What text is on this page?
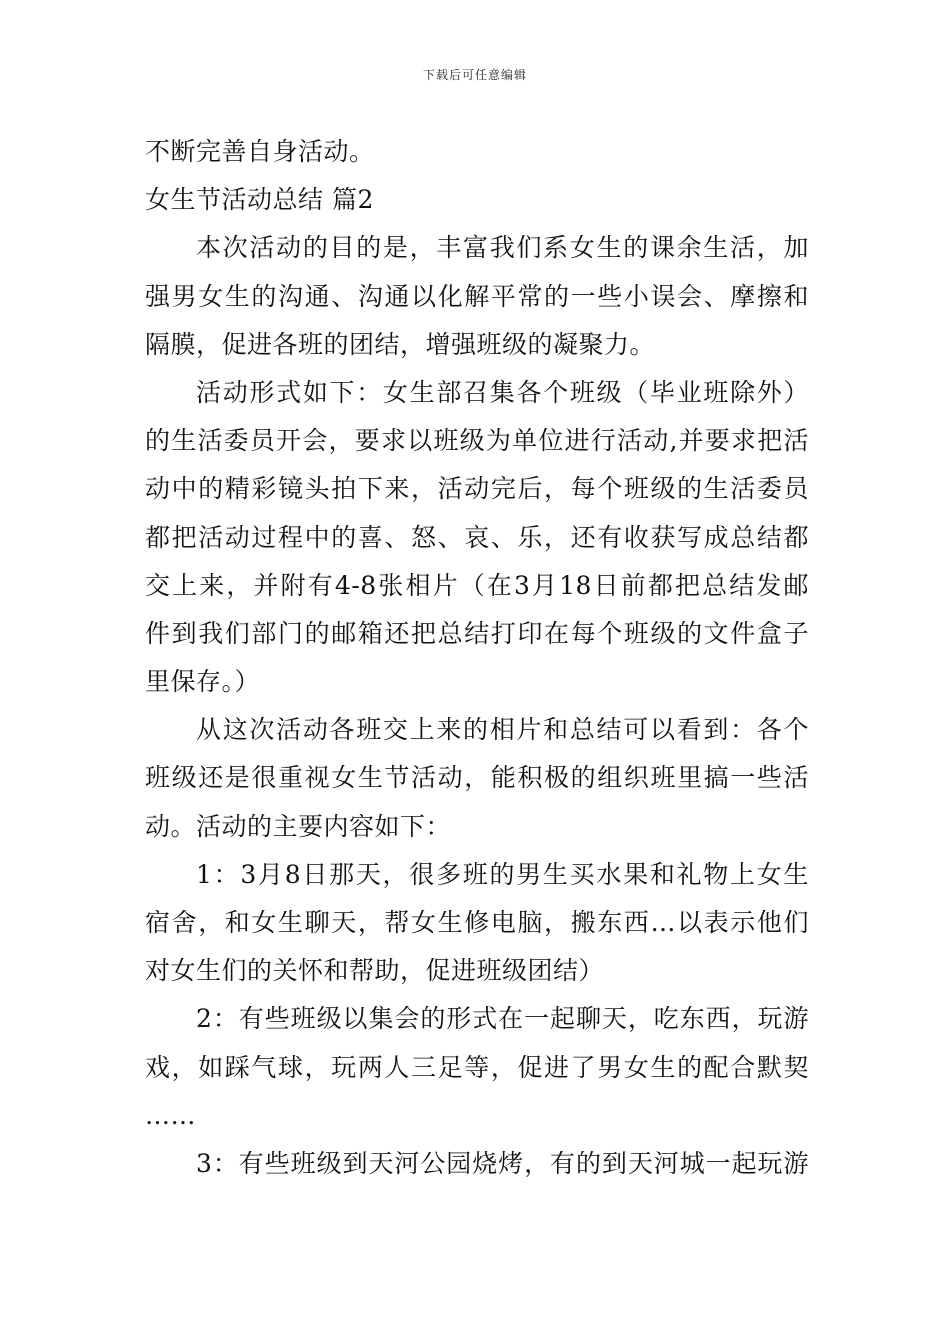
下载后可任意编辑
不断完善自身活动。
女生节活动总结 篇2
本次活动的目的是，丰富我们系女生的课余生活，加
强男女生的沟通、沟通以化解平常的一些小误会、摩擦和
隔膜，促进各班的团结，增强班级的凝聚力。
活动形式如下：女生部召集各个班级（毕业班除外）
的生活委员开会，要求以班级为单位进行活动,并要求把活
动中的精彩镜头拍下来，活动完后，每个班级的生活委员
都把活动过程中的喜、怒、哀、乐，还有收获写成总结都
交上来，并附有4-8张相片（在3月18日前都把总结发邮
件到我们部门的邮箱还把总结打印在每个班级的文件盒子
里保存。）
从这次活动各班交上来的相片和总结可以看到：各个
班级还是很重视女生节活动，能积极的组织班里搞一些活
动。活动的主要内容如下：
1：3月8日那天，很多班的男生买水果和礼物上女生
宿舍，和女生聊天，帮女生修电脑，搬东西…以表示他们
对女生们的关怀和帮助，促进班级团结）
2：有些班级以集会的形式在一起聊天，吃东西，玩游
戏，如踩气球，玩两人三足等，促进了男女生的配合默契
……
3：有些班级到天河公园烧烤，有的到天河城一起玩游
